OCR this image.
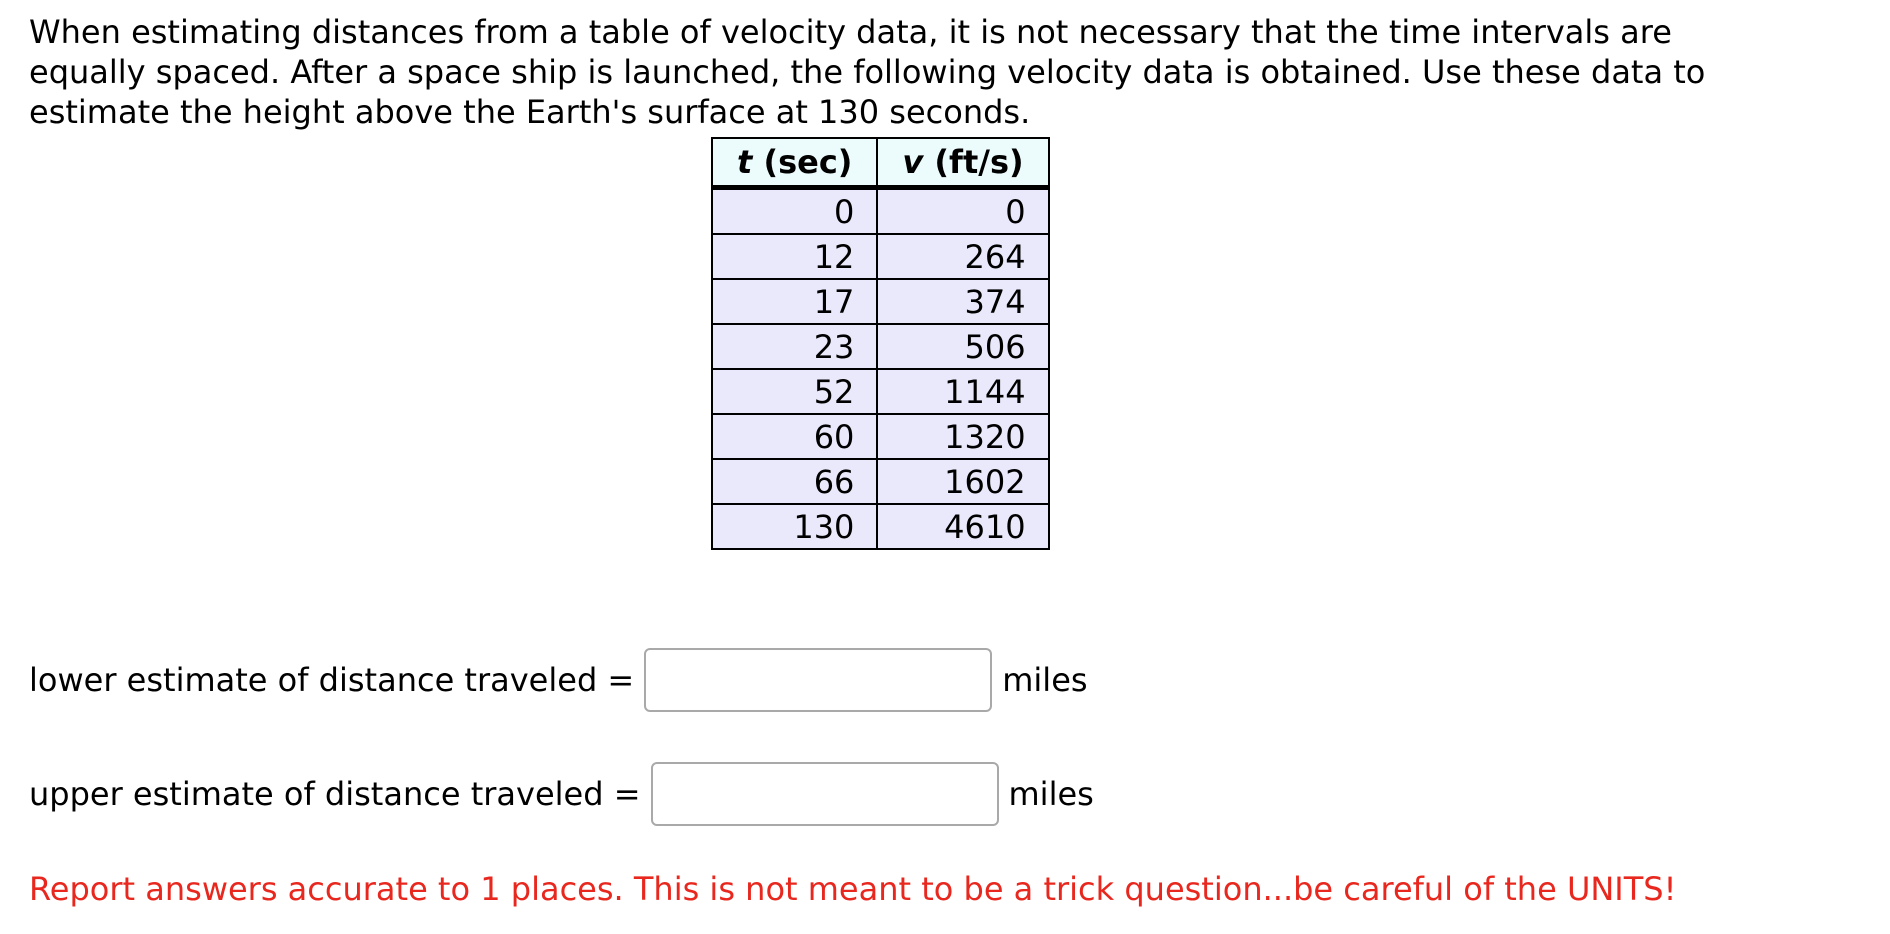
When estimating distances from a table of velocity data, it is not necessary that the time intervals are equally spaced. After a space ship is launched, the following velocity data is obtained. Use these data to estimate the height above the Earth's surface at 130 seconds.

t (sec)	v (ft/s)
0	0
12	264
17	374
23	506
52	1144
60	1320
66	1602
130	4610
lower estimate of distance traveled =	miles
upper estimate of distance traveled =	miles

Report answers accurate to 1 places. This is not meant to be a trick question...be careful of the UNITS!
